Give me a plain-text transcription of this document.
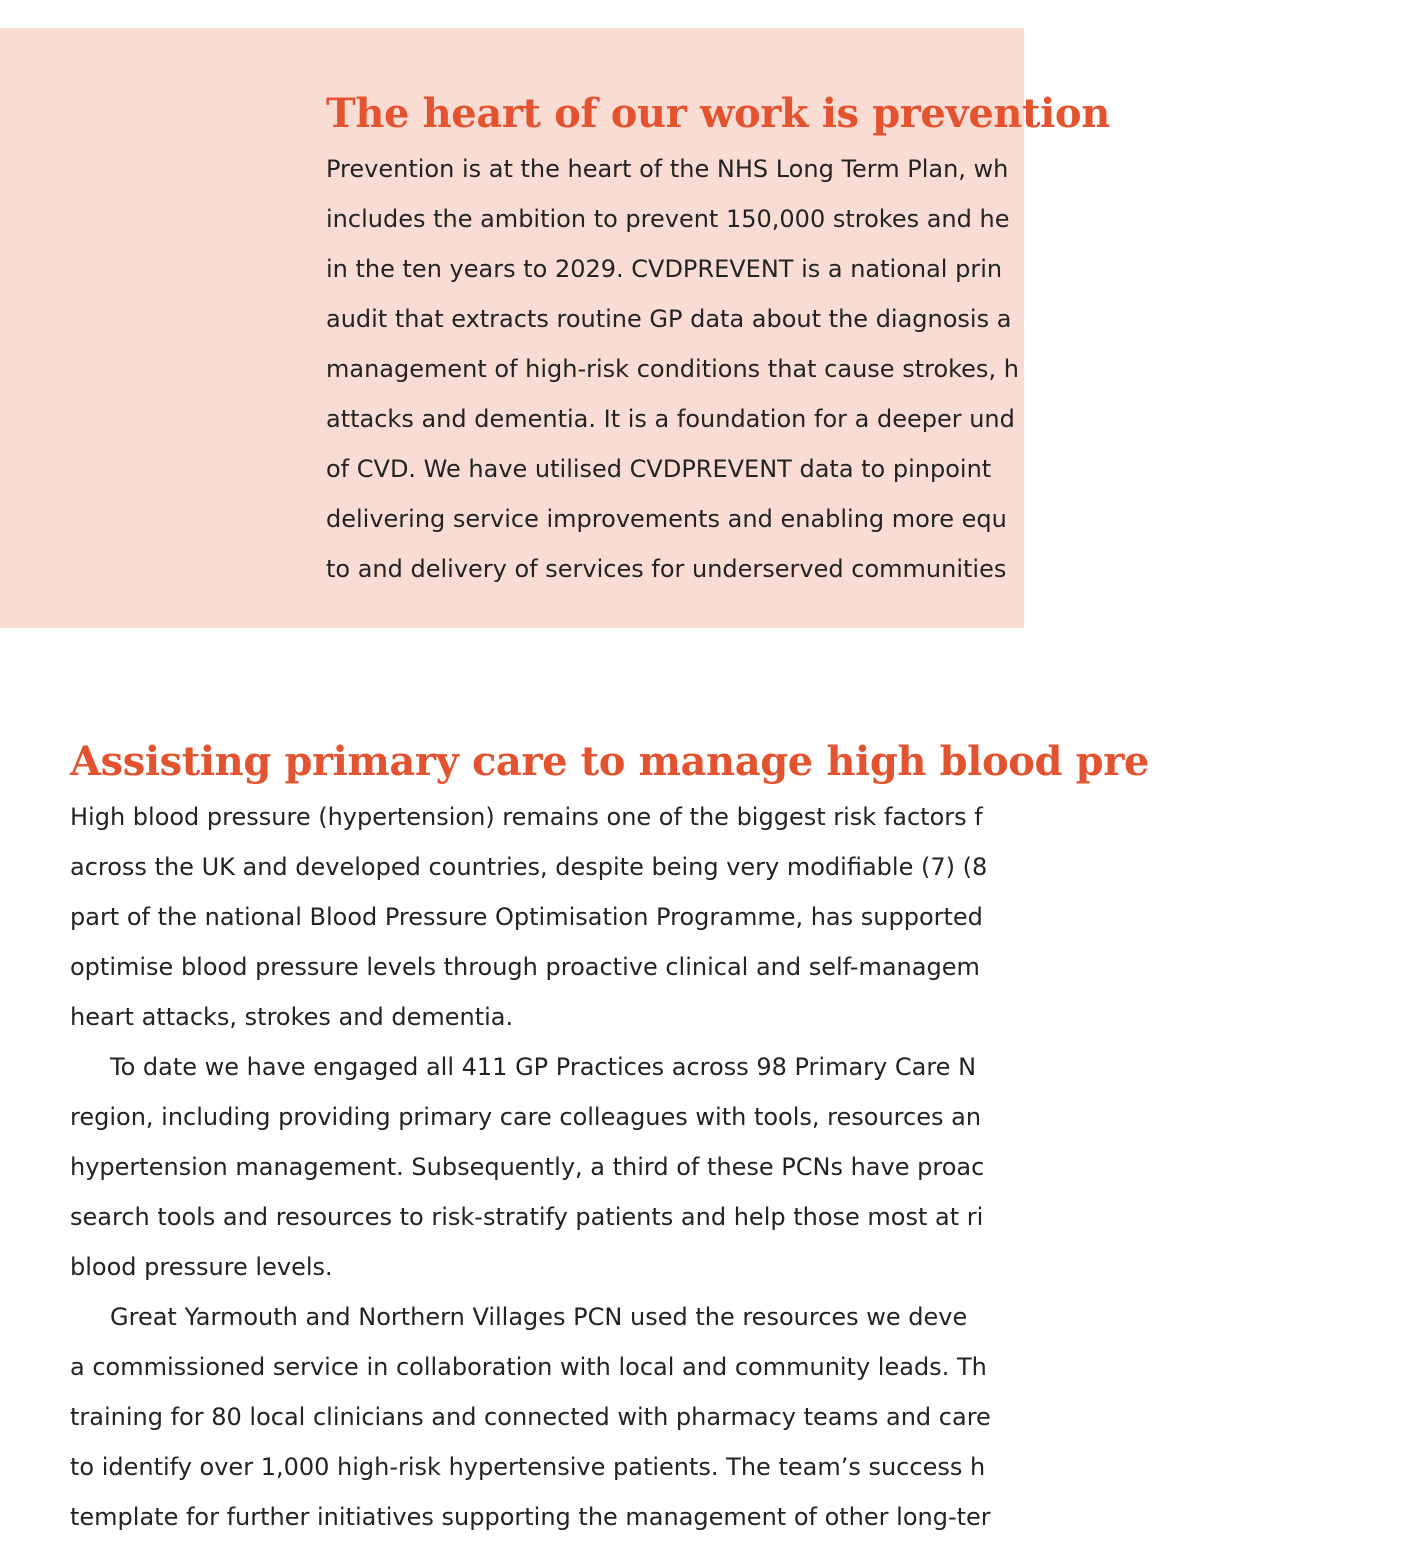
The heart of our work is prevention
Prevention is at the heart of the NHS Long Term Plan, wh
includes the ambition to prevent 150,000 strokes and he
in the ten years to 2029. CVDPREVENT is a national prin
audit that extracts routine GP data about the diagnosis a
management of high-risk conditions that cause strokes, h
attacks and dementia. It is a foundation for a deeper und
of CVD. We have utilised CVDPREVENT data to pinpoint
delivering service improvements and enabling more equ
to and delivery of services for underserved communities
Assisting primary care to manage high blood pre
High blood pressure (hypertension) remains one of the biggest risk factors f
across the UK and developed countries, despite being very modifiable (7) (8
part of the national Blood Pressure Optimisation Programme, has supported
optimise blood pressure levels through proactive clinical and self-managem
heart attacks, strokes and dementia.
To date we have engaged all 411 GP Practices across 98 Primary Care N
region, including providing primary care colleagues with tools, resources an
hypertension management. Subsequently, a third of these PCNs have proac
search tools and resources to risk-stratify patients and help those most at ri
blood pressure levels.
Great Yarmouth and Northern Villages PCN used the resources we deve
a commissioned service in collaboration with local and community leads. Th
training for 80 local clinicians and connected with pharmacy teams and care
to identify over 1,000 high-risk hypertensive patients. The team’s success h
template for further initiatives supporting the management of other long-ter
